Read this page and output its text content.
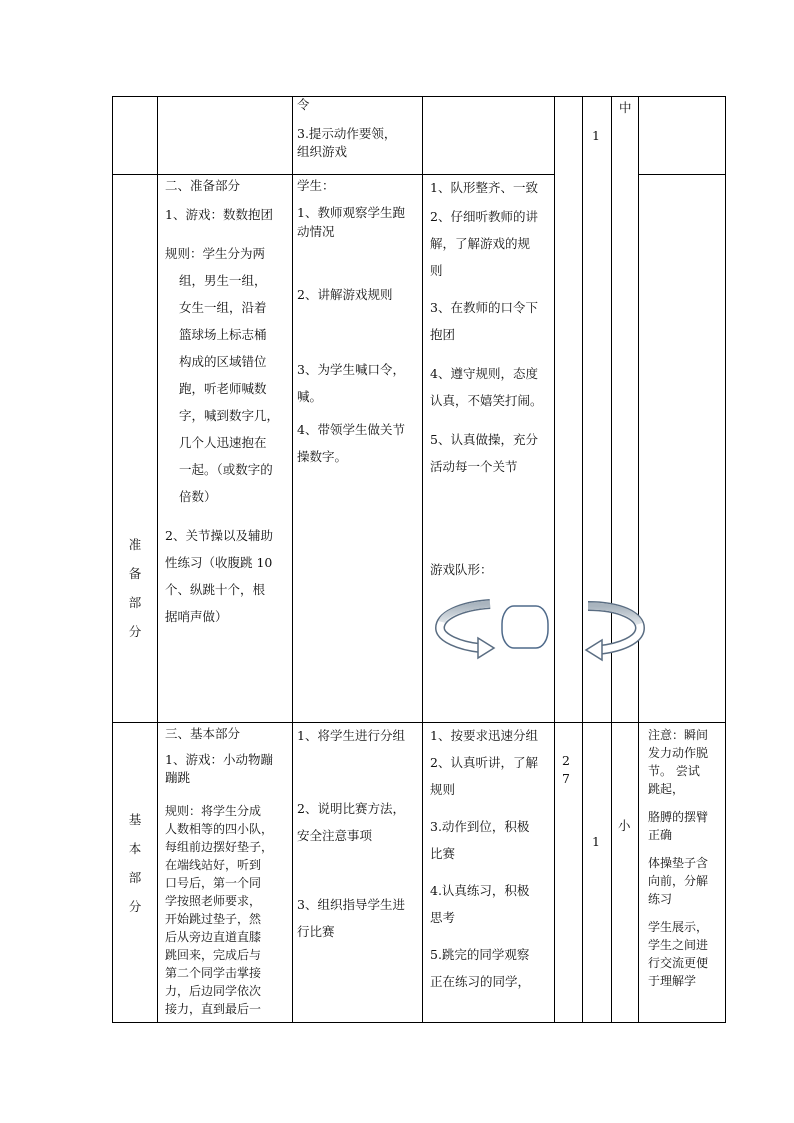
令

3.提示动作要领，

组织游戏

1
中
准
备
部
分

二、准备部分

1、游戏：数数抱团

规则：学生分为两

组，男生一组，

女生一组，沿着

篮球场上标志桶

构成的区域错位

跑，听老师喊数

字，喊到数字几，

几个人迅速抱在

一起。（或数字的

倍数）

2、关节操以及辅助

性练习（收腹跳 10

个、纵跳十个，根

据哨声做）

学生：

1、教师观察学生跑

动情况

2、讲解游戏规则

3、为学生喊口令，

喊。

4、带领学生做关节

操数字。

1、队形整齐、一致

2、仔细听教师的讲

解，了解游戏的规

则

3、在教师的口令下

抱团

4、遵守规则，态度

认真，不嬉笑打闹。

5、认真做操，充分

活动每一个关节

游戏队形：

基
本
部
分

三、基本部分

1、游戏：小动物蹦

蹦跳

规则：将学生分成

人数相等的四小队，

每组前边摆好垫子，

在端线站好，听到

口号后，第一个同

学按照老师要求，

开始跳过垫子，然

后从旁边直道直膝

跳回来，完成后与

第二个同学击掌接

力，后边同学依次

接力，直到最后一

1、将学生进行分组

2、说明比赛方法，

安全注意事项

3、组织指导学生进

行比赛

1、按要求迅速分组

2、认真听讲，了解

规则

3.动作到位，积极

比赛

4.认真练习，积极

思考

5.跳完的同学观察

正在练习的同学，

2
7
1
小

注意：瞬间

发力动作脱

节。 尝试

跳起，

胳膊的摆臂

正确

体操垫子含

向前，分解

练习

学生展示，

学生之间进

行交流更便

于理解学
